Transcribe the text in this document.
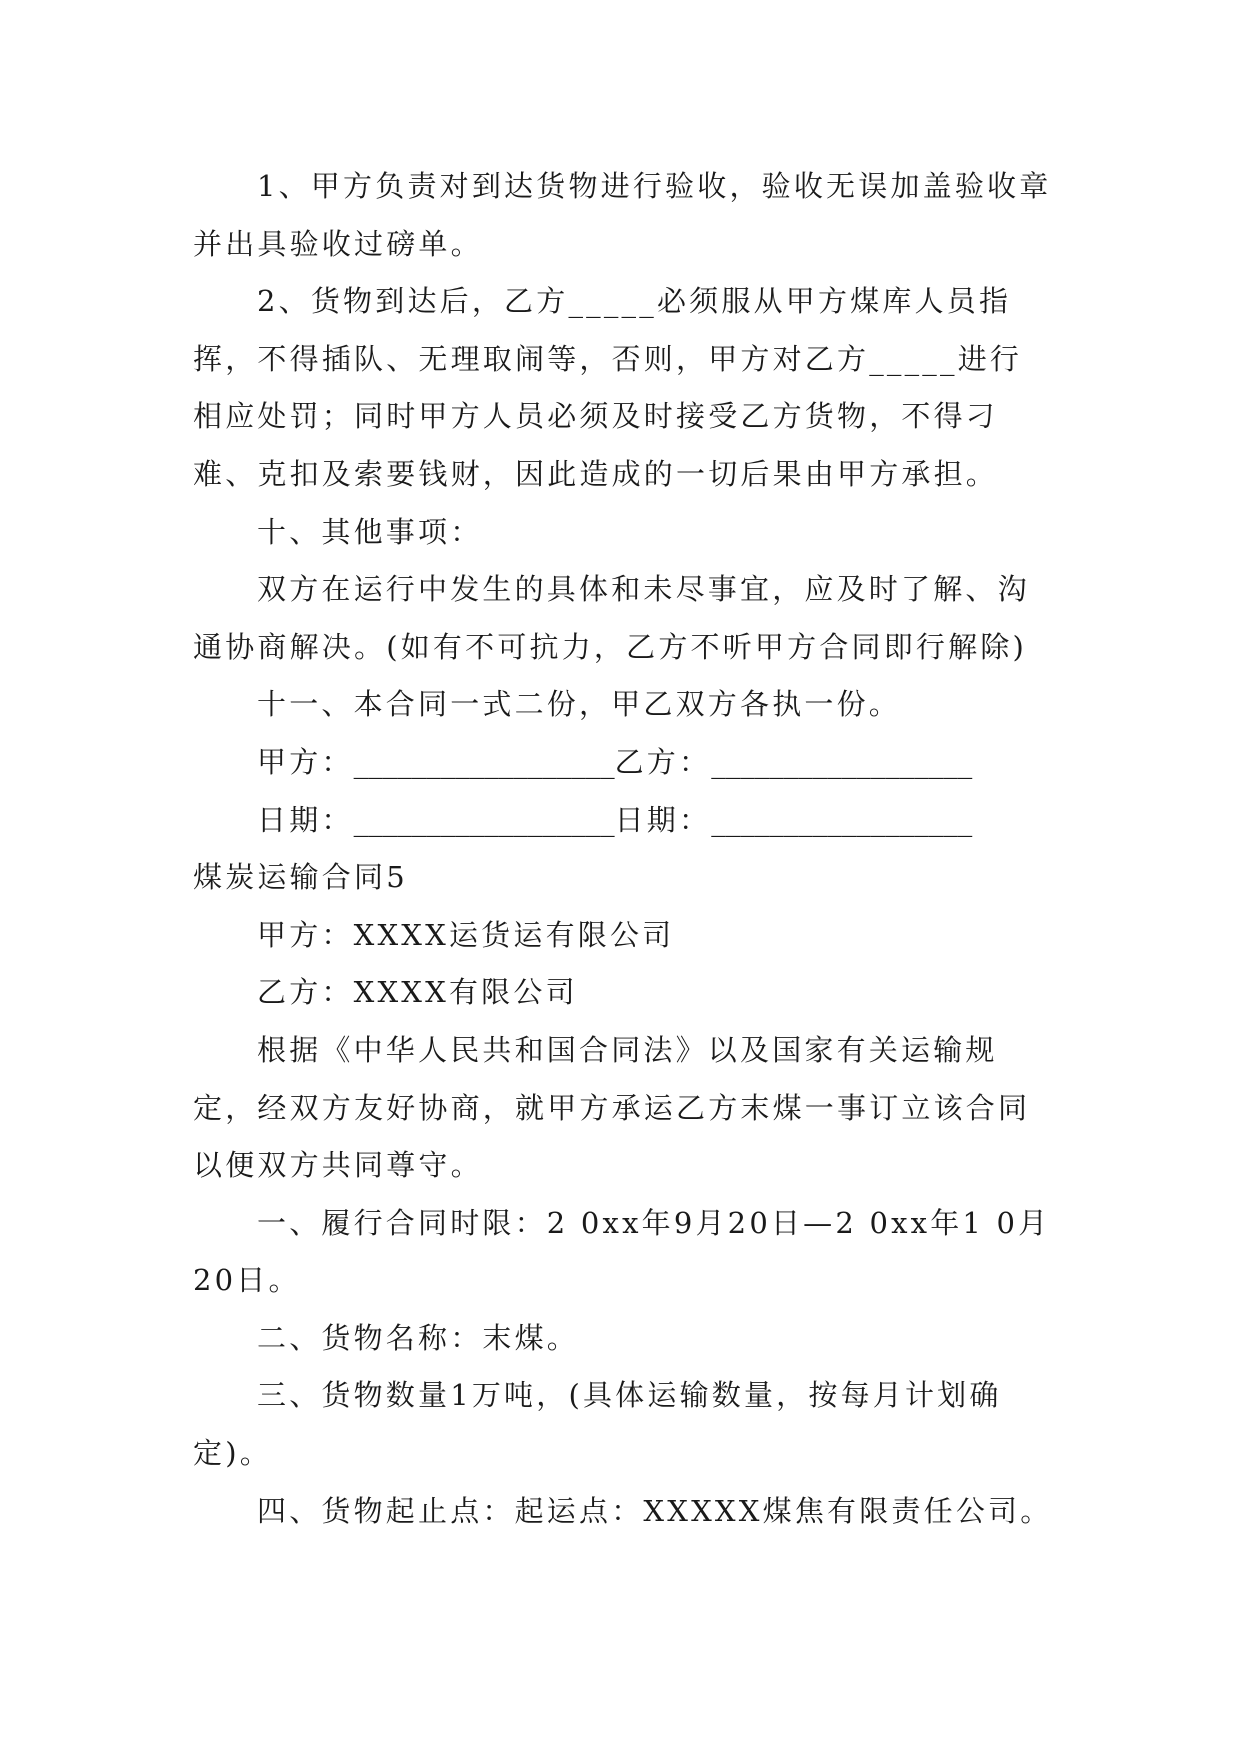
1、甲方负责对到达货物进行验收，验收无误加盖验收章并出具验收过磅单。

2、货物到达后，乙方_____必须服从甲方煤库人员指挥，不得插队、无理取闹等，否则，甲方对乙方_____进行相应处罚；同时甲方人员必须及时接受乙方货物，不得刁难、克扣及索要钱财，因此造成的一切后果由甲方承担。

十、其他事项：

双方在运行中发生的具体和未尽事宜，应及时了解、沟通协商解决。(如有不可抗力，乙方不听甲方合同即行解除)

十一、本合同一式二份，甲乙双方各执一份。

甲方：__________________乙方：__________________
日期：__________________日期：__________________

煤炭运输合同5

甲方：XXXX运货运有限公司

乙方：XXXX有限公司

根据《中华人民共和国合同法》以及国家有关运输规定，经双方友好协商，就甲方承运乙方末煤一事订立该合同以便双方共同尊守。

一、履行合同时限：2 0xx年9月20日—2 0xx年1 0月20日。

二、货物名称：末煤。

三、货物数量1万吨，(具体运输数量，按每月计划确定)。

四、货物起止点：起运点：XXXXX煤焦有限责任公司。
